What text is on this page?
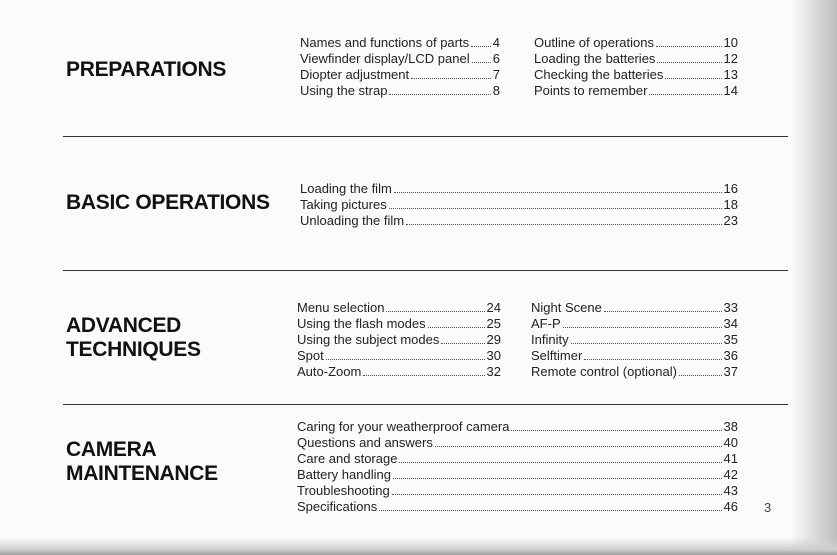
PREPARATIONS
Names and functions of parts 4
Viewfinder display/LCD panel 6
Diopter adjustment	7
Using the strap	8
Outline of operations	10
Loading the batteries	12
Checking the batteries	13
Points to remember	14
BASIC OPERATIONS
Loading the film	16
Taking pictures	18
Unloading the film	23
ADVANCED
TECHNIQUES
Menu selection	24
Using the flash modes	25
Using the subject modes	29
Spot	30
Auto-Zoom	32
Night Scene	33
AF-P	34
Infinity	35
Selftimer	36
Remote control (optional)	37
CAMERA
MAINTENANCE
Caring for your weatherproof camera	38
Questions and answers	40
Care and storage	41
Battery handling	42
Troubleshooting	43
Specifications	46 3
